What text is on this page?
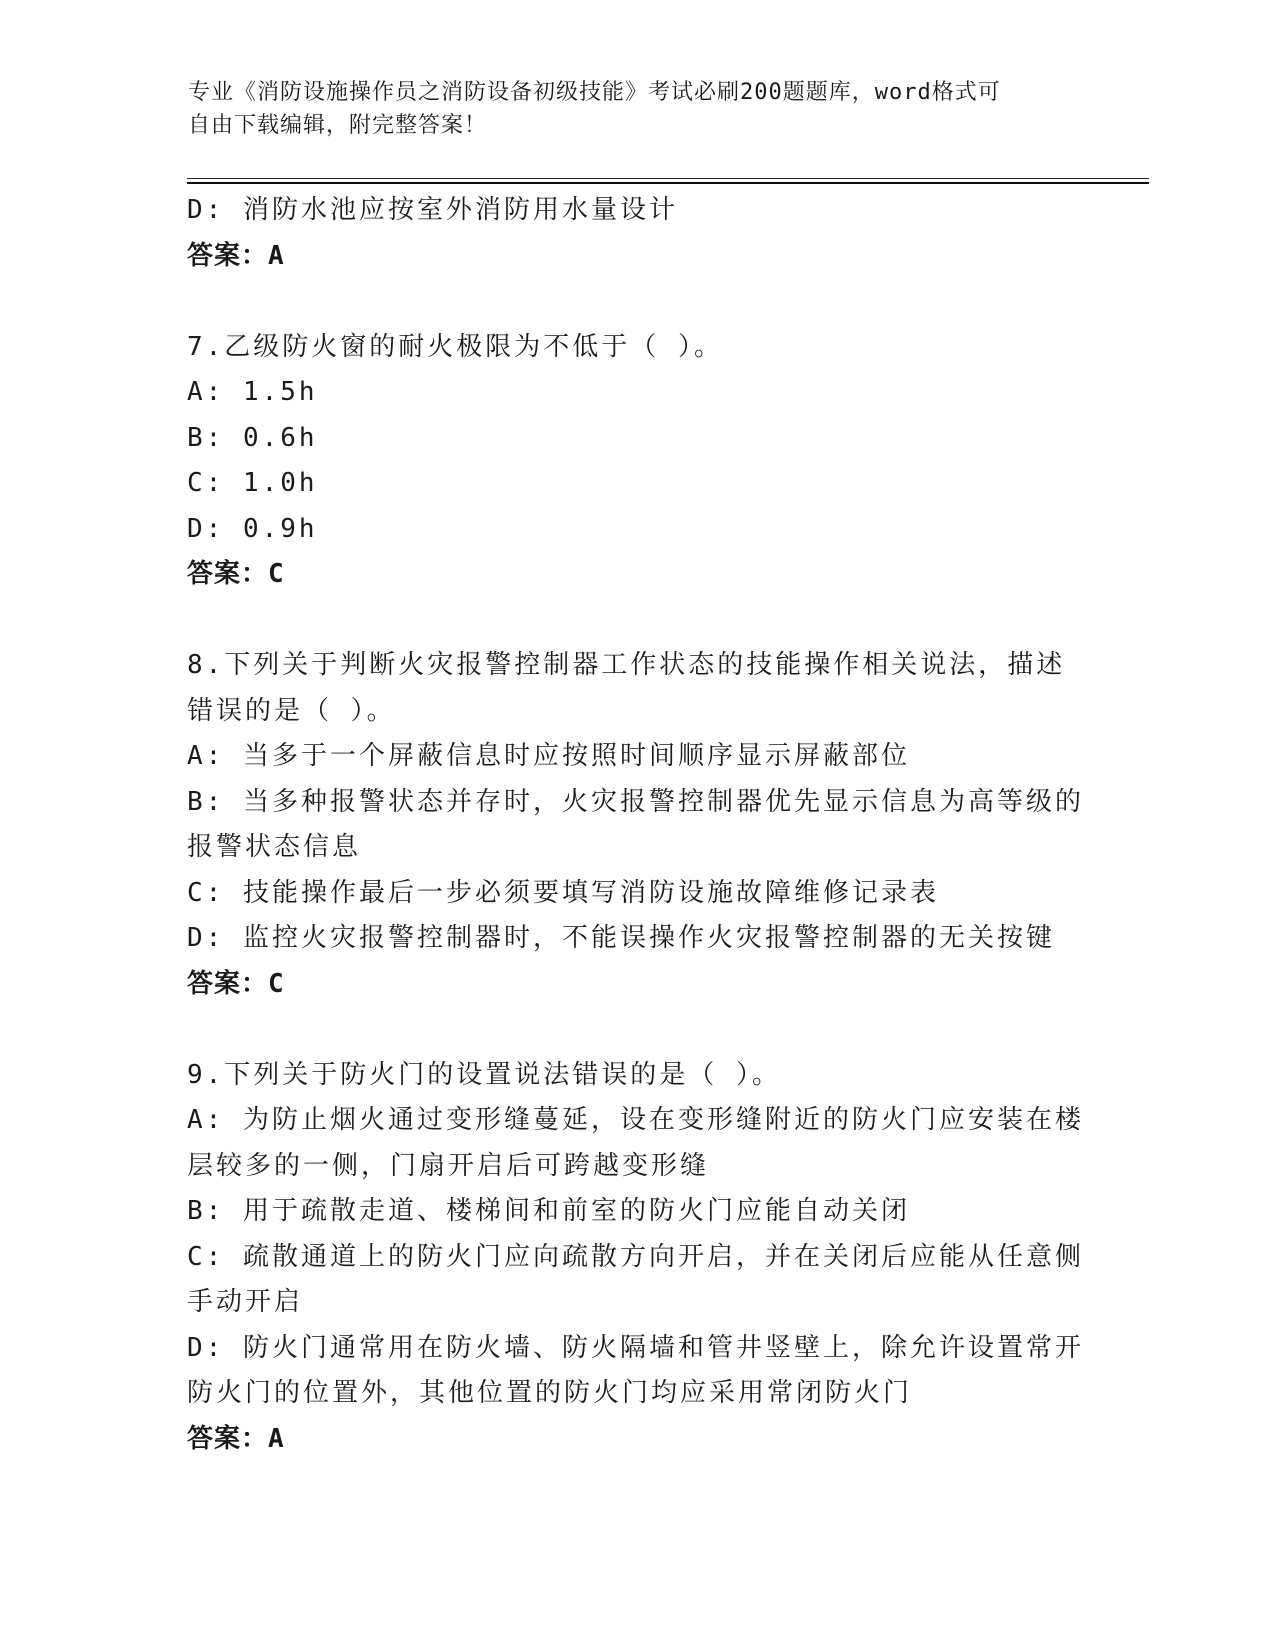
专业《消防设施操作员之消防设备初级技能》考试必刷200题题库，word格式可
自由下载编辑，附完整答案！
D: 消防水池应按室外消防用水量设计
答案：A
7.乙级防火窗的耐火极限为不低于（ ）。
A: 1.5h
B: 0.6h
C: 1.0h
D: 0.9h
答案：C
8.下列关于判断火灾报警控制器工作状态的技能操作相关说法，描述
错误的是（ ）。
A: 当多于一个屏蔽信息时应按照时间顺序显示屏蔽部位
B: 当多种报警状态并存时，火灾报警控制器优先显示信息为高等级的
报警状态信息
C: 技能操作最后一步必须要填写消防设施故障维修记录表
D: 监控火灾报警控制器时，不能误操作火灾报警控制器的无关按键
答案：C
9.下列关于防火门的设置说法错误的是（ ）。
A: 为防止烟火通过变形缝蔓延，设在变形缝附近的防火门应安装在楼
层较多的一侧，门扇开启后可跨越变形缝
B: 用于疏散走道、楼梯间和前室的防火门应能自动关闭
C: 疏散通道上的防火门应向疏散方向开启，并在关闭后应能从任意侧
手动开启
D: 防火门通常用在防火墙、防火隔墙和管井竖壁上，除允许设置常开
防火门的位置外，其他位置的防火门均应采用常闭防火门
答案：A
